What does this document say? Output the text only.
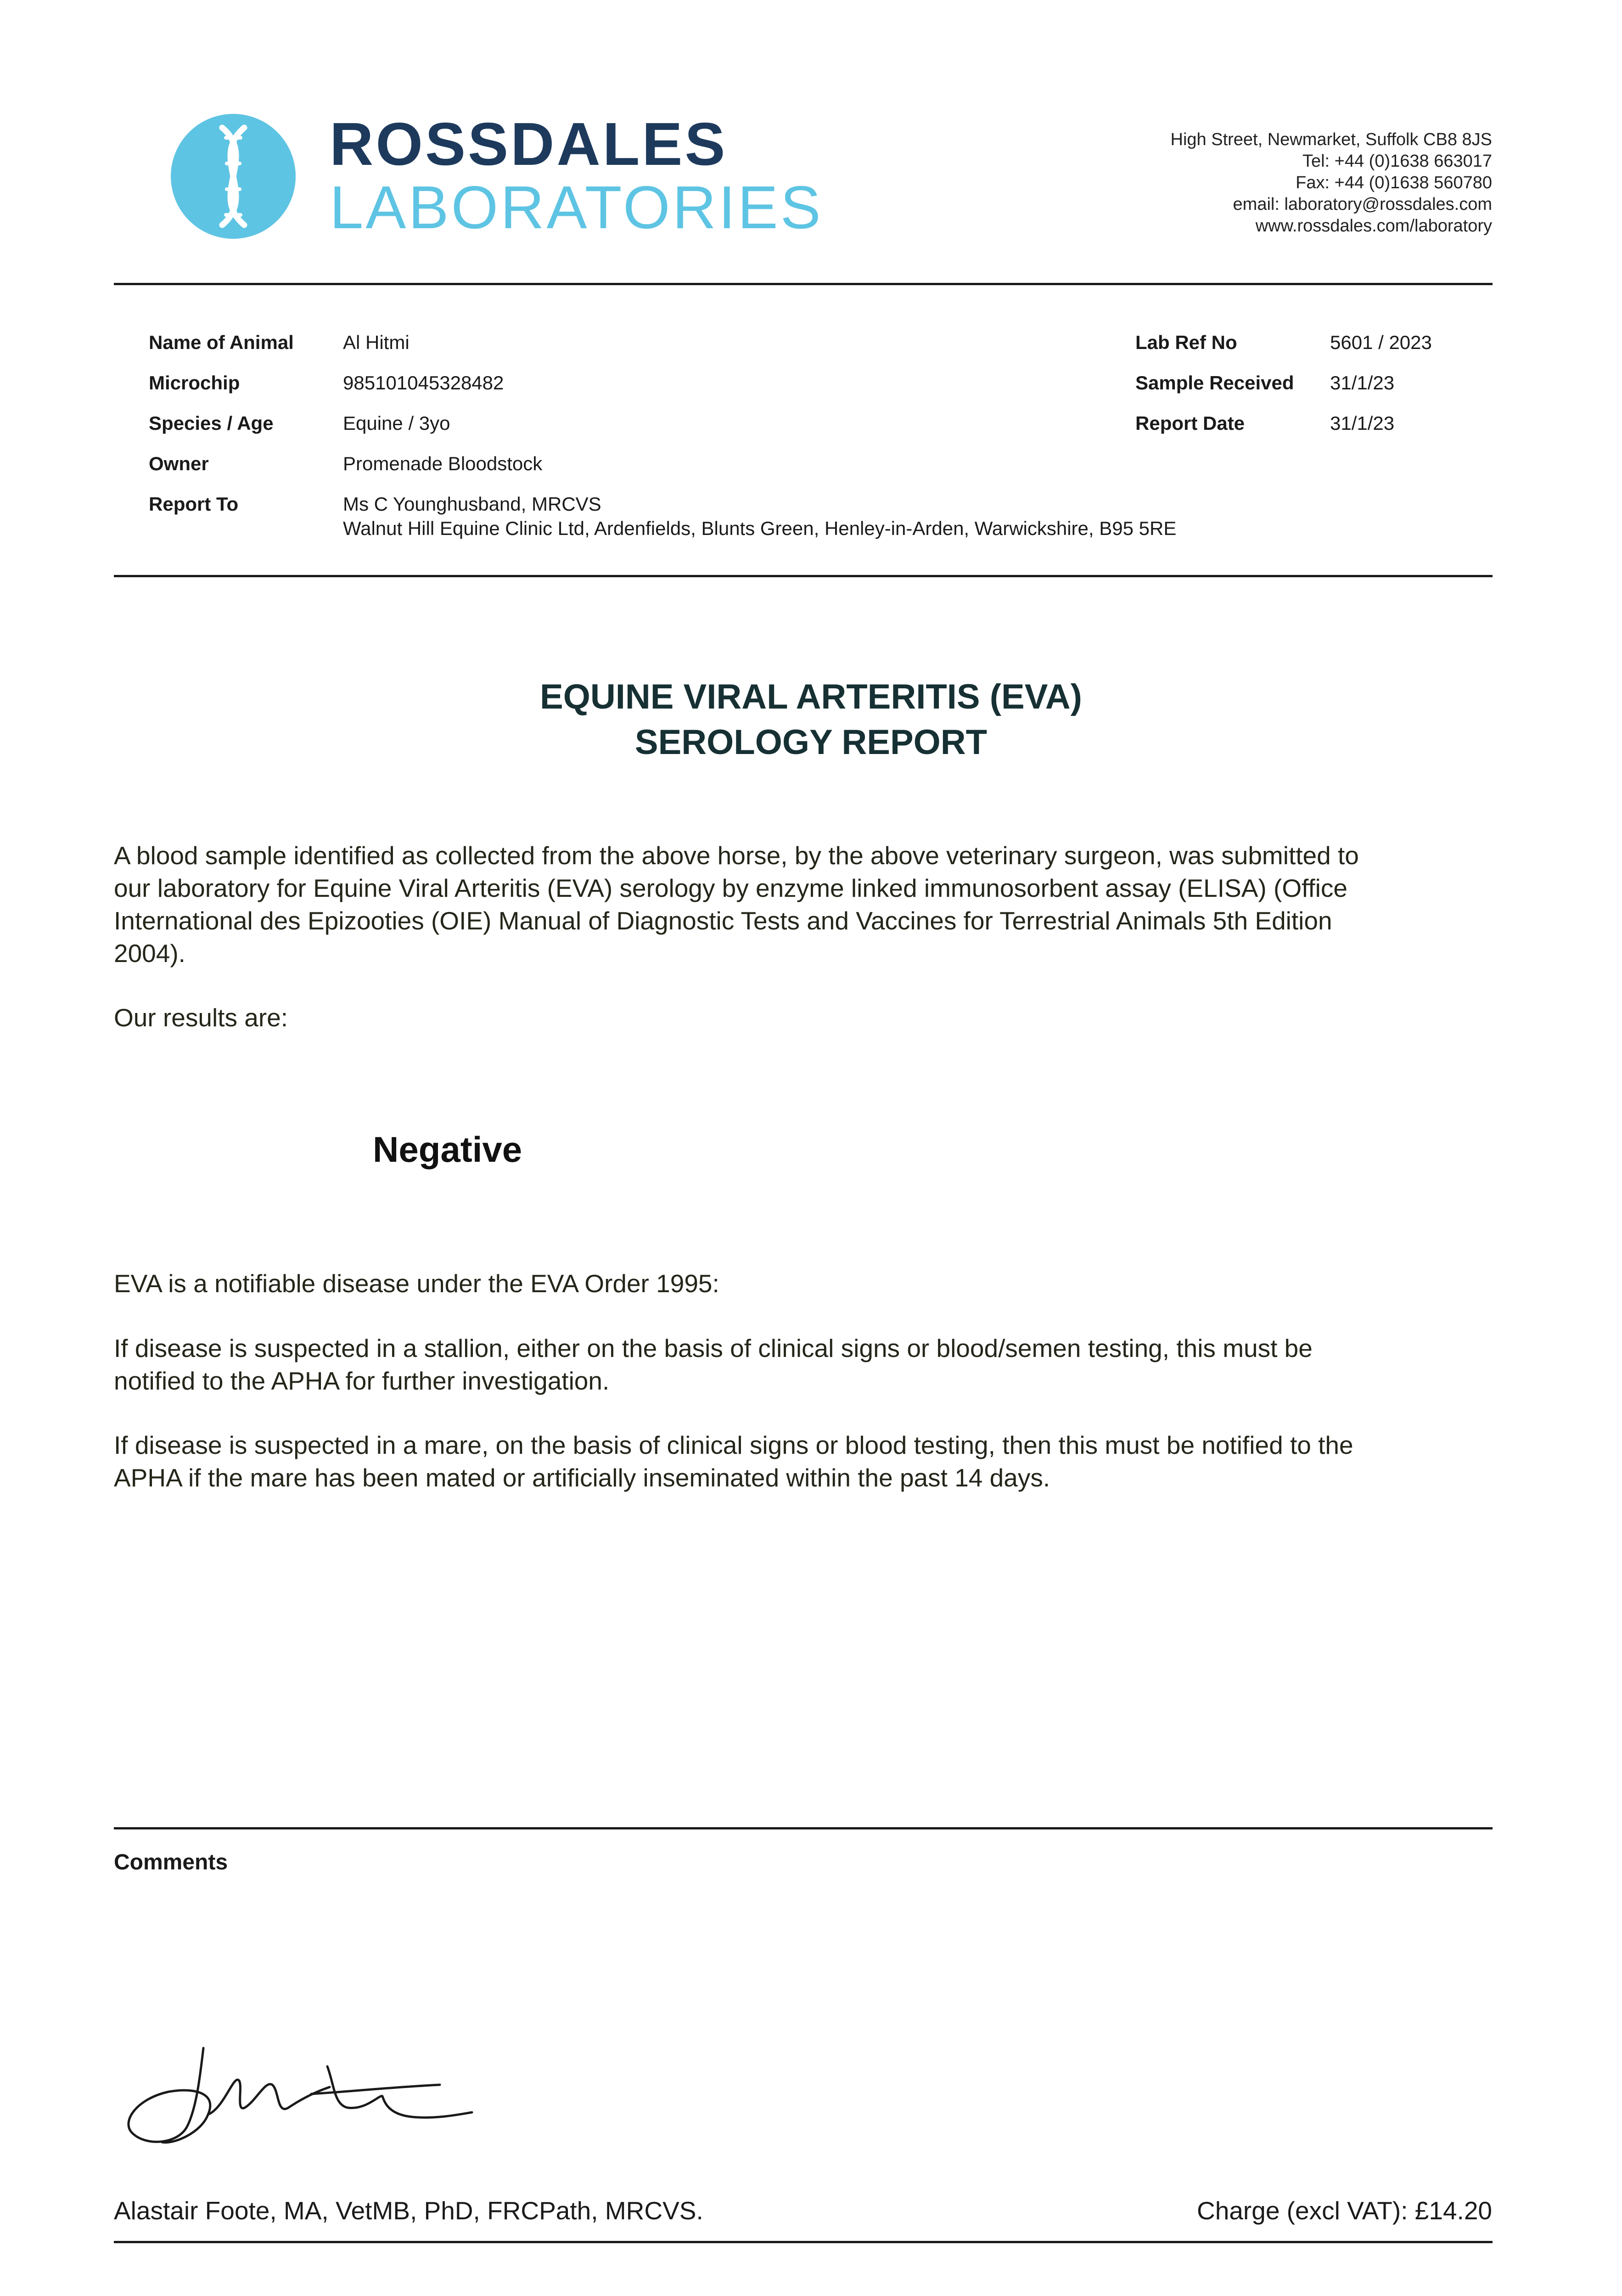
ROSSDALES
LABORATORIES
High Street, Newmarket, Suffolk CB8 8JS
Tel: +44 (0)1638 663017
Fax: +44 (0)1638 560780
email: laboratory@rossdales.com
www.rossdales.com/laboratory
Name of Animal	Al Hitmi
Microchip	985101045328482
Species / Age	Equine / 3yo
Owner	Promenade Bloodstock
Report To	Ms C Younghusband, MRCVS
Walnut Hill Equine Clinic Ltd, Ardenfields, Blunts Green, Henley-in-Arden, Warwickshire, B95 5RE
Lab Ref No	5601 / 2023
Sample Received 31/1/23
Report Date	31/1/23
EQUINE VIRAL ARTERITIS (EVA)
SEROLOGY REPORT
A blood sample identified as collected from the above horse, by the above veterinary surgeon, was submitted to
our laboratory for Equine Viral Arteritis (EVA) serology by enzyme linked immunosorbent assay (ELISA) (Office
International des Epizooties (OIE) Manual of Diagnostic Tests and Vaccines for Terrestrial Animals 5th Edition
2004).
Our results are:
Negative
EVA is a notifiable disease under the EVA Order 1995:
If disease is suspected in a stallion, either on the basis of clinical signs or blood/semen testing, this must be
notified to the APHA for further investigation.
If disease is suspected in a mare, on the basis of clinical signs or blood testing, then this must be notified to the
APHA if the mare has been mated or artificially inseminated within the past 14 days.
Comments
Alastair Foote, MA, VetMB, PhD, FRCPath, MRCVS.	Charge (excl VAT): £14.20
